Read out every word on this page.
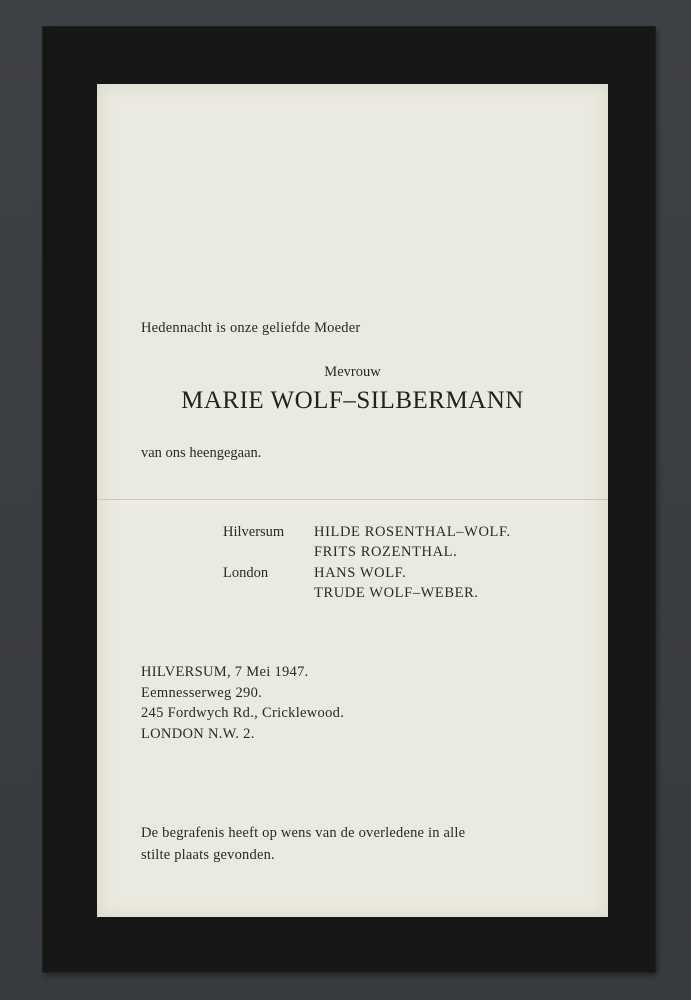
Hedennacht is onze geliefde Moeder
Mevrouw
MARIE WOLF–SILBERMANN
van ons heengegaan.
Hilversum HILDE ROSENTHAL–WOLF.
FRITS ROZENTHAL.
London	HANS WOLF.
TRUDE WOLF–WEBER.
HILVERSUM, 7 Mei 1947.
Eemnesserweg 290.
245 Fordwych Rd., Cricklewood.
LONDON N.W. 2.
De begrafenis heeft op wens van de overledene in alle
stilte plaats gevonden.
